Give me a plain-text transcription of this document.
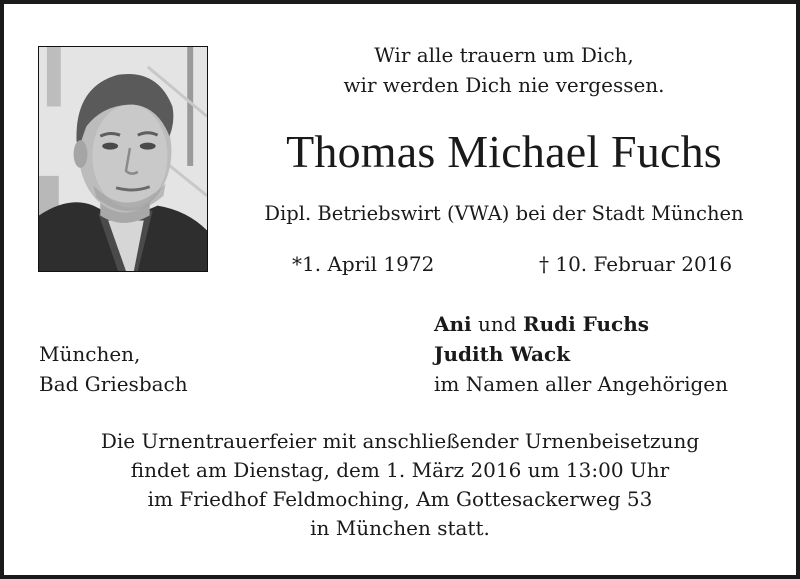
Wir alle trauern um Dich,
wir werden Dich nie vergessen.
Thomas Michael Fuchs
Dipl. Betriebswirt (VWA) bei der Stadt München
*1. April 1972	† 10. Februar 2016
München,
Bad Griesbach
Ani und Rudi Fuchs
Judith Wack
im Namen aller Angehörigen
Die Urnentrauerfeier mit anschließender Urnenbeisetzung
findet am Dienstag, dem 1. März 2016 um 13:00 Uhr
im Friedhof Feldmoching, Am Gottesackerweg 53
in München statt.
